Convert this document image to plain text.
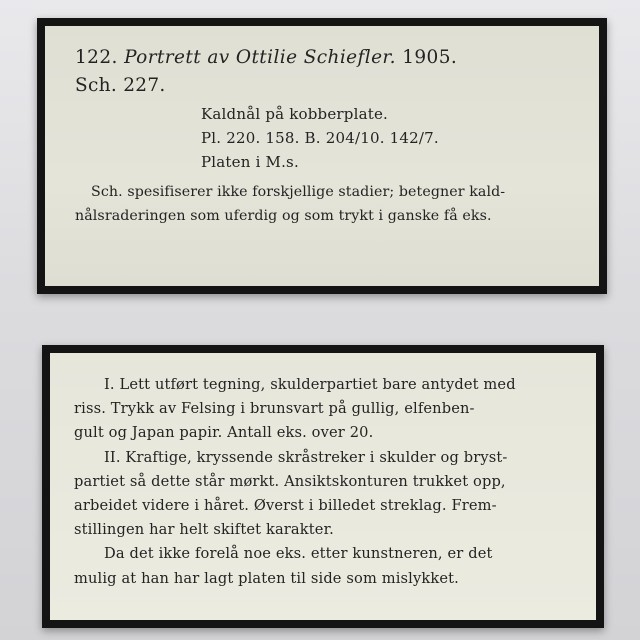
122. Portrett av Ottilie Schiefler. 1905.
Sch. 227.
Kaldnål på kobberplate.
Pl. 220. 158. B. 204/10. 142/7.
Platen i M.s.
Sch. spesifiserer ikke forskjellige stadier; betegner kald-
nålsraderingen som uferdig og som trykt i ganske få eks.
I. Lett utført tegning, skulderpartiet bare antydet med
riss. Trykk av Felsing i brunsvart på gullig, elfenben-
gult og Japan papir. Antall eks. over 20.
II. Kraftige, kryssende skråstreker i skulder og bryst-
partiet så dette står mørkt. Ansiktskonturen trukket opp,
arbeidet videre i håret. Øverst i billedet streklag. Frem-
stillingen har helt skiftet karakter.
Da det ikke forelå noe eks. etter kunstneren, er det
mulig at han har lagt platen til side som mislykket.
